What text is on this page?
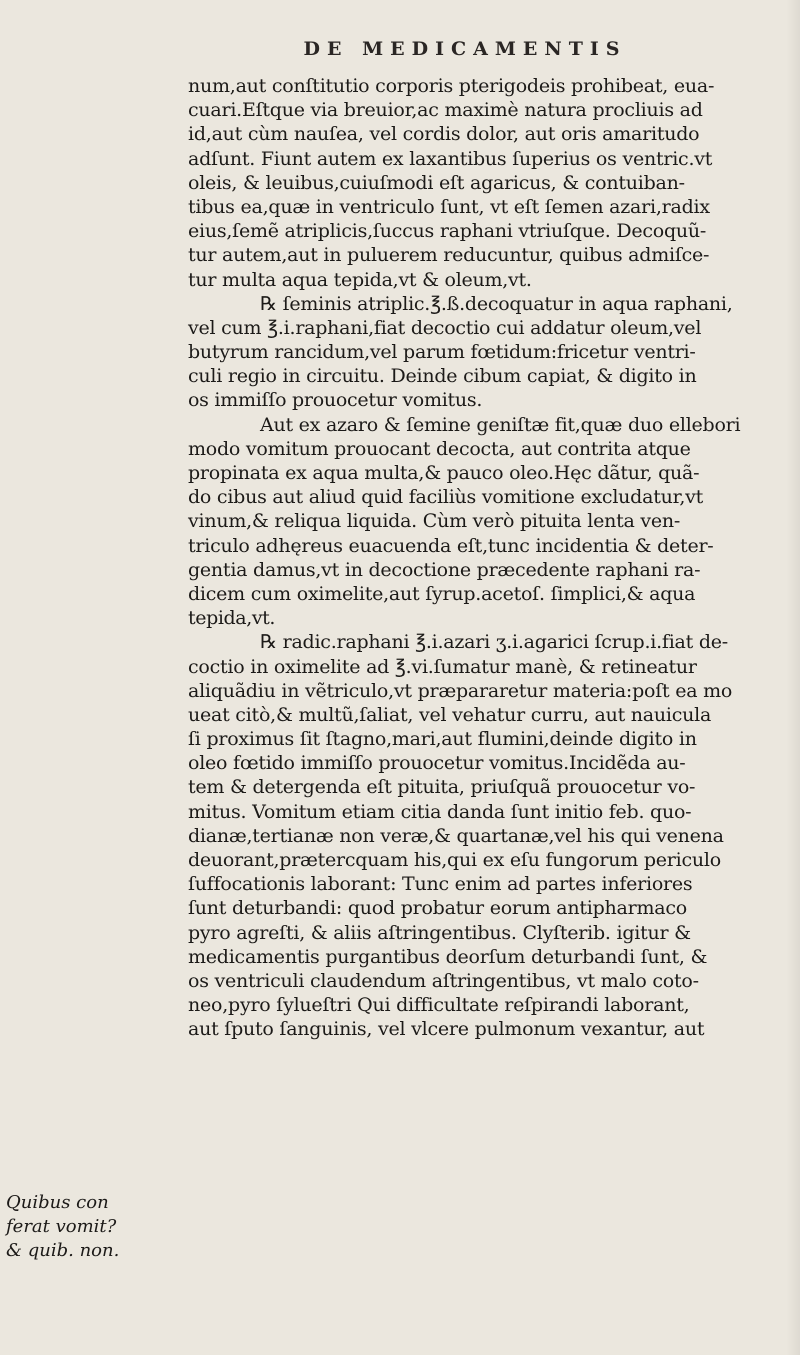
DE MEDICAMENTIS
num,aut conſtitutio corporis pterigodeis prohibeat, eua-
cuari.Eſtque via breuior,ac maximè natura procliuis ad
id,aut cùm nauſea, vel cordis dolor, aut oris amaritudo
adſunt. Fiunt autem ex laxantibus ſuperius os ventric.vt
oleis, & leuibus,cuiuſmodi eſt agaricus, & contuiban-
tibus ea,quæ in ventriculo ſunt, vt eſt ſemen azari,radix
eius,ſemẽ atriplicis,ſuccus raphani vtriuſque. Decoquũ-
tur autem,aut in puluerem reducuntur, quibus admiſce-
tur multa aqua tepida,vt & oleum,vt.
℞ ſeminis atriplic.℥.ß.decoquatur in aqua raphani,
vel cum ℥.i.raphani,fiat decoctio cui addatur oleum,vel
butyrum rancidum,vel parum fœtidum:fricetur ventri-
culi regio in circuitu. Deinde cibum capiat, & digito in
os immiſſo prouocetur vomitus.
Aut ex azaro & ſemine geniſtæ fit,quæ duo ellebori
modo vomitum prouocant decocta, aut contrita atque
propinata ex aqua multa,& pauco oleo.Hęc dãtur, quã-
do cibus aut aliud quid faciliùs vomitione excludatur,vt
vinum,& reliqua liquida. Cùm verò pituita lenta ven-
triculo adhęreus euacuenda eſt,tunc incidentia & deter-
gentia damus,vt in decoctione præcedente raphani ra-
dicem cum oximelite,aut ſyrup.acetoſ. ſimplici,& aqua
tepida,vt.
℞ radic.raphani ℥.i.azari ʒ.i.agarici ſcrup.i.fiat de-
coctio in oximelite ad ℥.vi.ſumatur manè, & retineatur
aliquãdiu in vẽtriculo,vt præpararetur materia:poſt ea mo
ueat citò,& multũ,ſaliat, vel vehatur curru, aut nauicula
ſi proximus ſit ſtagno,mari,aut flumini,deinde digito in
oleo fœtido immiſſo prouocetur vomitus.Incidẽda au-
tem & detergenda eſt pituita, priuſquã prouocetur vo-
mitus. Vomitum etiam citia danda ſunt initio feb. quo-
dianæ,tertianæ non veræ,& quartanæ,vel his qui venena
deuorant,prætercquam his,qui ex eſu fungorum periculo
ſuffocationis laborant: Tunc enim ad partes inferiores
ſunt deturbandi: quod probatur eorum antipharmaco
pyro agreſti, & aliis aſtringentibus. Clyſterib. igitur &
medicamentis purgantibus deorſum deturbandi ſunt, &
os ventriculi claudendum aſtringentibus, vt malo coto-
neo,pyro ſylueſtri Qui difficultate reſpirandi laborant,
aut ſputo ſanguinis, vel vlcere pulmonum vexantur, aut
Quibus con
ferat vomit?
& quib. non.
